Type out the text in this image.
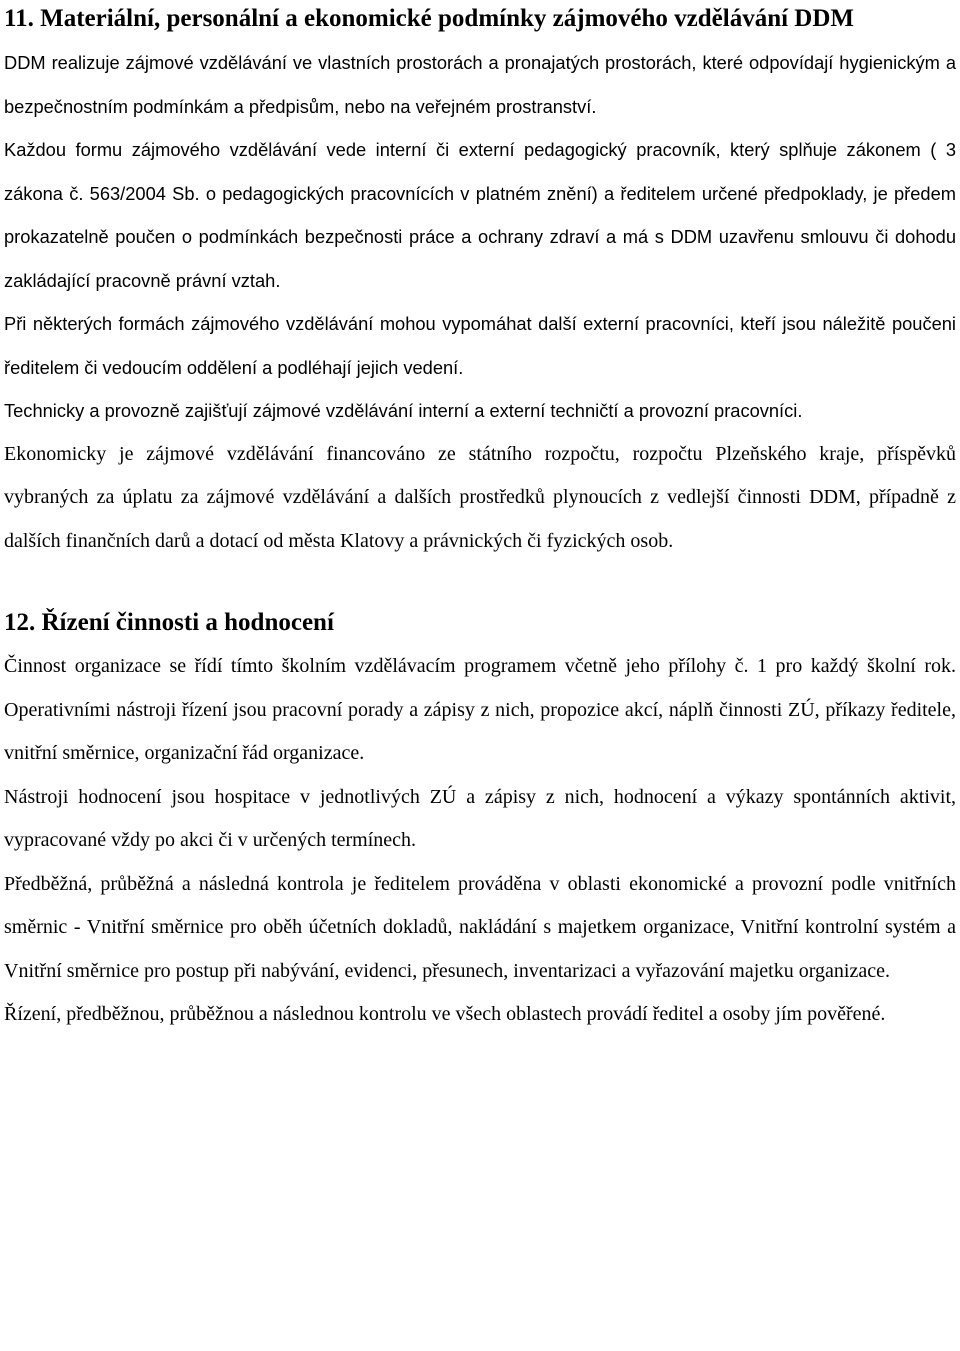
11. Materiální, personální a ekonomické podmínky zájmového vzdělávání DDM

DDM realizuje zájmové vzdělávání ve vlastních prostorách a pronajatých prostorách, které odpovídají hygienickým a bezpečnostním podmínkám a předpisům, nebo na veřejném prostranství.

Každou formu zájmového vzdělávání vede interní či externí pedagogický pracovník, který splňuje zákonem ( 3 zákona č. 563/2004 Sb. o pedagogických pracovnících v platném znění) a ředitelem určené předpoklady, je předem prokazatelně poučen o podmínkách bezpečnosti práce a ochrany zdraví a má s DDM uzavřenu smlouvu či dohodu zakládající pracovně právní vztah.

Při některých formách zájmového vzdělávání mohou vypomáhat další externí pracovníci, kteří jsou náležitě poučeni ředitelem či vedoucím oddělení a podléhají jejich vedení.

Technicky a provozně zajišťují zájmové vzdělávání interní a externí techničtí a provozní pracovníci.

Ekonomicky je zájmové vzdělávání financováno ze státního rozpočtu, rozpočtu Plzeňského kraje, příspěvků vybraných za úplatu za zájmové vzdělávání a dalších prostředků plynoucích z vedlejší činnosti DDM, případně z dalších finančních darů a dotací od města Klatovy a právnických či fyzických osob.

12. Řízení činnosti a hodnocení

Činnost organizace se řídí tímto školním vzdělávacím programem včetně jeho přílohy č. 1 pro každý školní rok. Operativními nástroji řízení jsou pracovní porady a zápisy z nich, propozice akcí, náplň činnosti ZÚ, příkazy ředitele, vnitřní směrnice, organizační řád organizace.

Nástroji hodnocení jsou hospitace v jednotlivých ZÚ a zápisy z nich, hodnocení a výkazy spontánních aktivit, vypracované vždy po akci či v určených termínech.

Předběžná, průběžná a následná kontrola je ředitelem prováděna v oblasti ekonomické a provozní podle vnitřních směrnic - Vnitřní směrnice pro oběh účetních dokladů, nakládání s majetkem organizace, Vnitřní kontrolní systém a Vnitřní směrnice pro postup při nabývání, evidenci, přesunech, inventarizaci a vyřazování majetku organizace.

Řízení, předběžnou, průběžnou a následnou kontrolu ve všech oblastech provádí ředitel a osoby jím pověřené.
